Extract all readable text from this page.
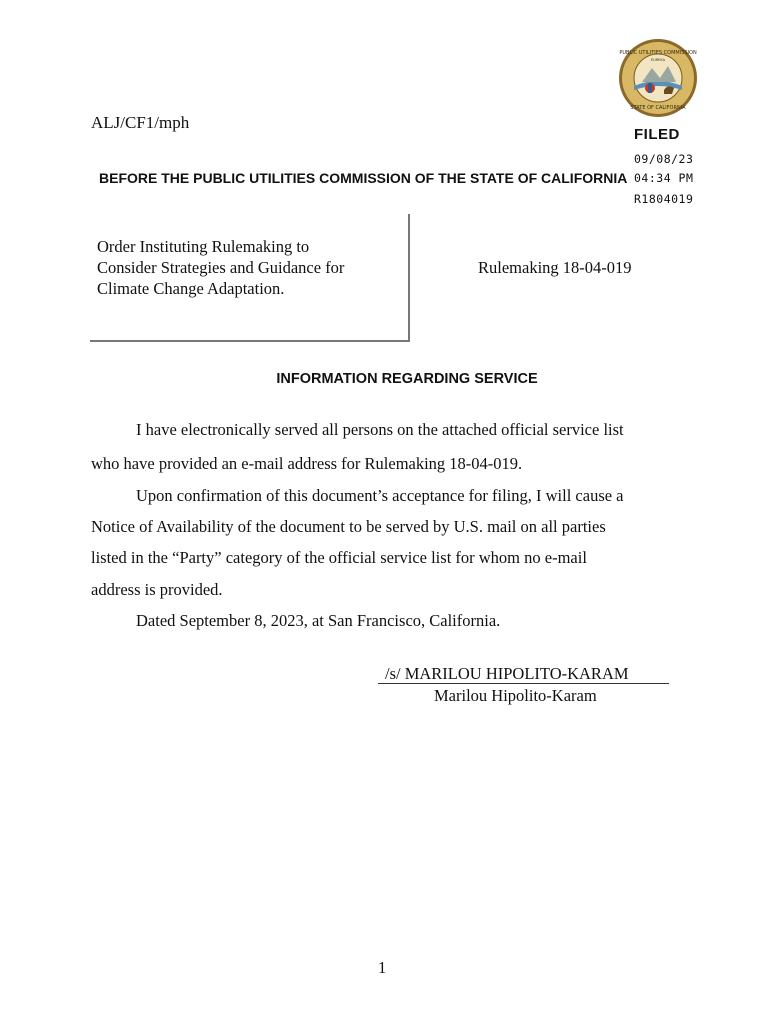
PUBLIC UTILITIES COMMISSION
STATE OF CALIFORNIA
EUREKA
ALJ/CF1/mph
FILED
09/08/23
04:34 PM
R1804019
BEFORE THE PUBLIC UTILITIES COMMISSION OF THE STATE OF CALIFORNIA
Order Instituting Rulemaking to
Consider Strategies and Guidance for
Climate Change Adaptation.
Rulemaking 18-04-019
INFORMATION REGARDING SERVICE
I have electronically served all persons on the attached official service list
who have provided an e-mail address for Rulemaking 18-04-019.
Upon confirmation of this document’s acceptance for filing, I will cause a
Notice of Availability of the document to be served by U.S. mail on all parties
listed in the “Party” category of the official service list for whom no e-mail
address is provided.
Dated September 8, 2023, at San Francisco, California.
/s/ MARILOU HIPOLITO-KARAM
Marilou Hipolito-Karam
1
